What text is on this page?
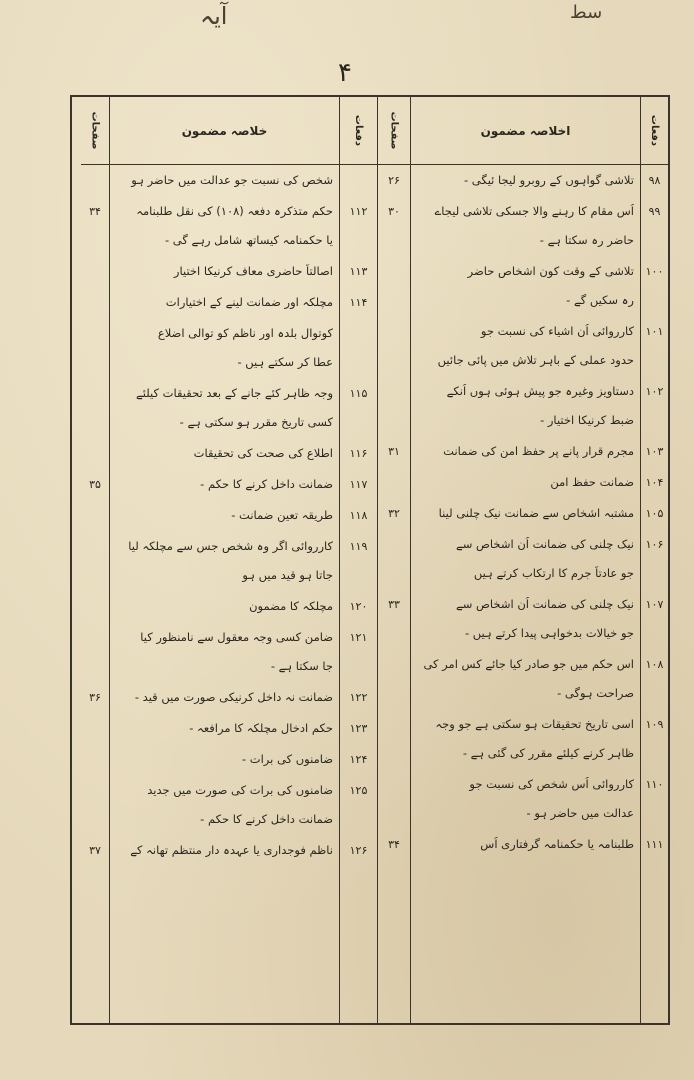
آیہ	سط
۴
دفعات
۹۸
۹۹
۱۰۰
۱۰۱
۱۰۲
۱۰۳
۱۰۴
۱۰۵
۱۰۶
۱۰۷
۱۰۸
۱۰۹
۱۱۰
۱۱۱
اخلاصہ مضمون
تلاشی گواہوں کے روبرو لیجا ئیگی -
اُس مقام کا رہنے والا جسکی تلاشی لیجاے
حاضر رہ سکتا ہے -
تلاشی کے وقت کون اشخاص حاضر
رہ سکیں گے -
کارروائی اُن اشیاء کی نسبت جو
حدود عملی کے باہر تلاش میں پائی جائیں
دستاویز وغیرہ جو پیش ہوئی ہوں اُنکے
ضبط کرنیکا اختیار -
مجرم قرار پانے پر حفظ امن کی ضمانت
ضمانت حفظ امن
مشتبہ اشخاص سے ضمانت نیک چلنی لینا
نیک چلنی کی ضمانت اُن اشخاص سے
جو عادتاً جرم کا ارتکاب کرتے ہیں
نیک چلنی کی ضمانت اُن اشخاص سے
جو خیالات بدخواہی پیدا کرتے ہیں -
اس حکم میں جو صادر کیا جائے کس امر کی
صراحت ہوگی -
اسی تاریخ تحقیقات ہو سکتی ہے جو وجہ
ظاہر کرنے کیلئے مقرر کی گئی ہے -
کارروائی اُس شخص کی نسبت جو
عدالت میں حاضر ہو -
طلبنامہ یا حکمنامہ گرفتاری اُس
صفحات
۲۶
۳۰
۳۱
۳۲
۳۳
۳۴
دفعات
۱۱۲
۱۱۳
۱۱۴
۱۱۵
۱۱۶
۱۱۷
۱۱۸
۱۱۹
۱۲۰
۱۲۱
۱۲۲
۱۲۳
۱۲۴
۱۲۵
۱۲۶
خلاصہ مضمون
شخص کی نسبت جو عدالت میں حاضر ہو
حکم متذکرہ دفعہ (۱۰۸) کی نقل طلبنامہ
یا حکمنامہ کیساتھ شامل رہے گی -
اصالتاً حاضری معاف کرنیکا اختیار
مچلکہ اور ضمانت لینے کے اختیارات
کوتوال بلدہ اور ناظم کو توالی اضلاع
عطا کر سکتے ہیں -
وجہ ظاہر کئے جانے کے بعد تحقیقات کیلئے
کسی تاریخ مقرر ہو سکتی ہے -
اطلاع کی صحت کی تحقیقات
ضمانت داخل کرنے کا حکم -
طریقہ تعین ضمانت -
کارروائی اگر وہ شخص جس سے مچلکہ لیا
جاتا ہو قید میں ہو
مچلکہ کا مضمون
ضامن کسی وجہ معقول سے نامنظور کیا
جا سکتا ہے -
ضمانت نہ داخل کرنیکی صورت میں قید -
حکم ادخال مچلکہ کا مرافعہ -
ضامنوں کی برات -
ضامنوں کی برات کی صورت میں جدید
ضمانت داخل کرنے کا حکم -
ناظم فوجداری یا عہدہ دار منتظم تھانہ کے
صفحات
۳۴
۳۵
۳۶
۳۷
